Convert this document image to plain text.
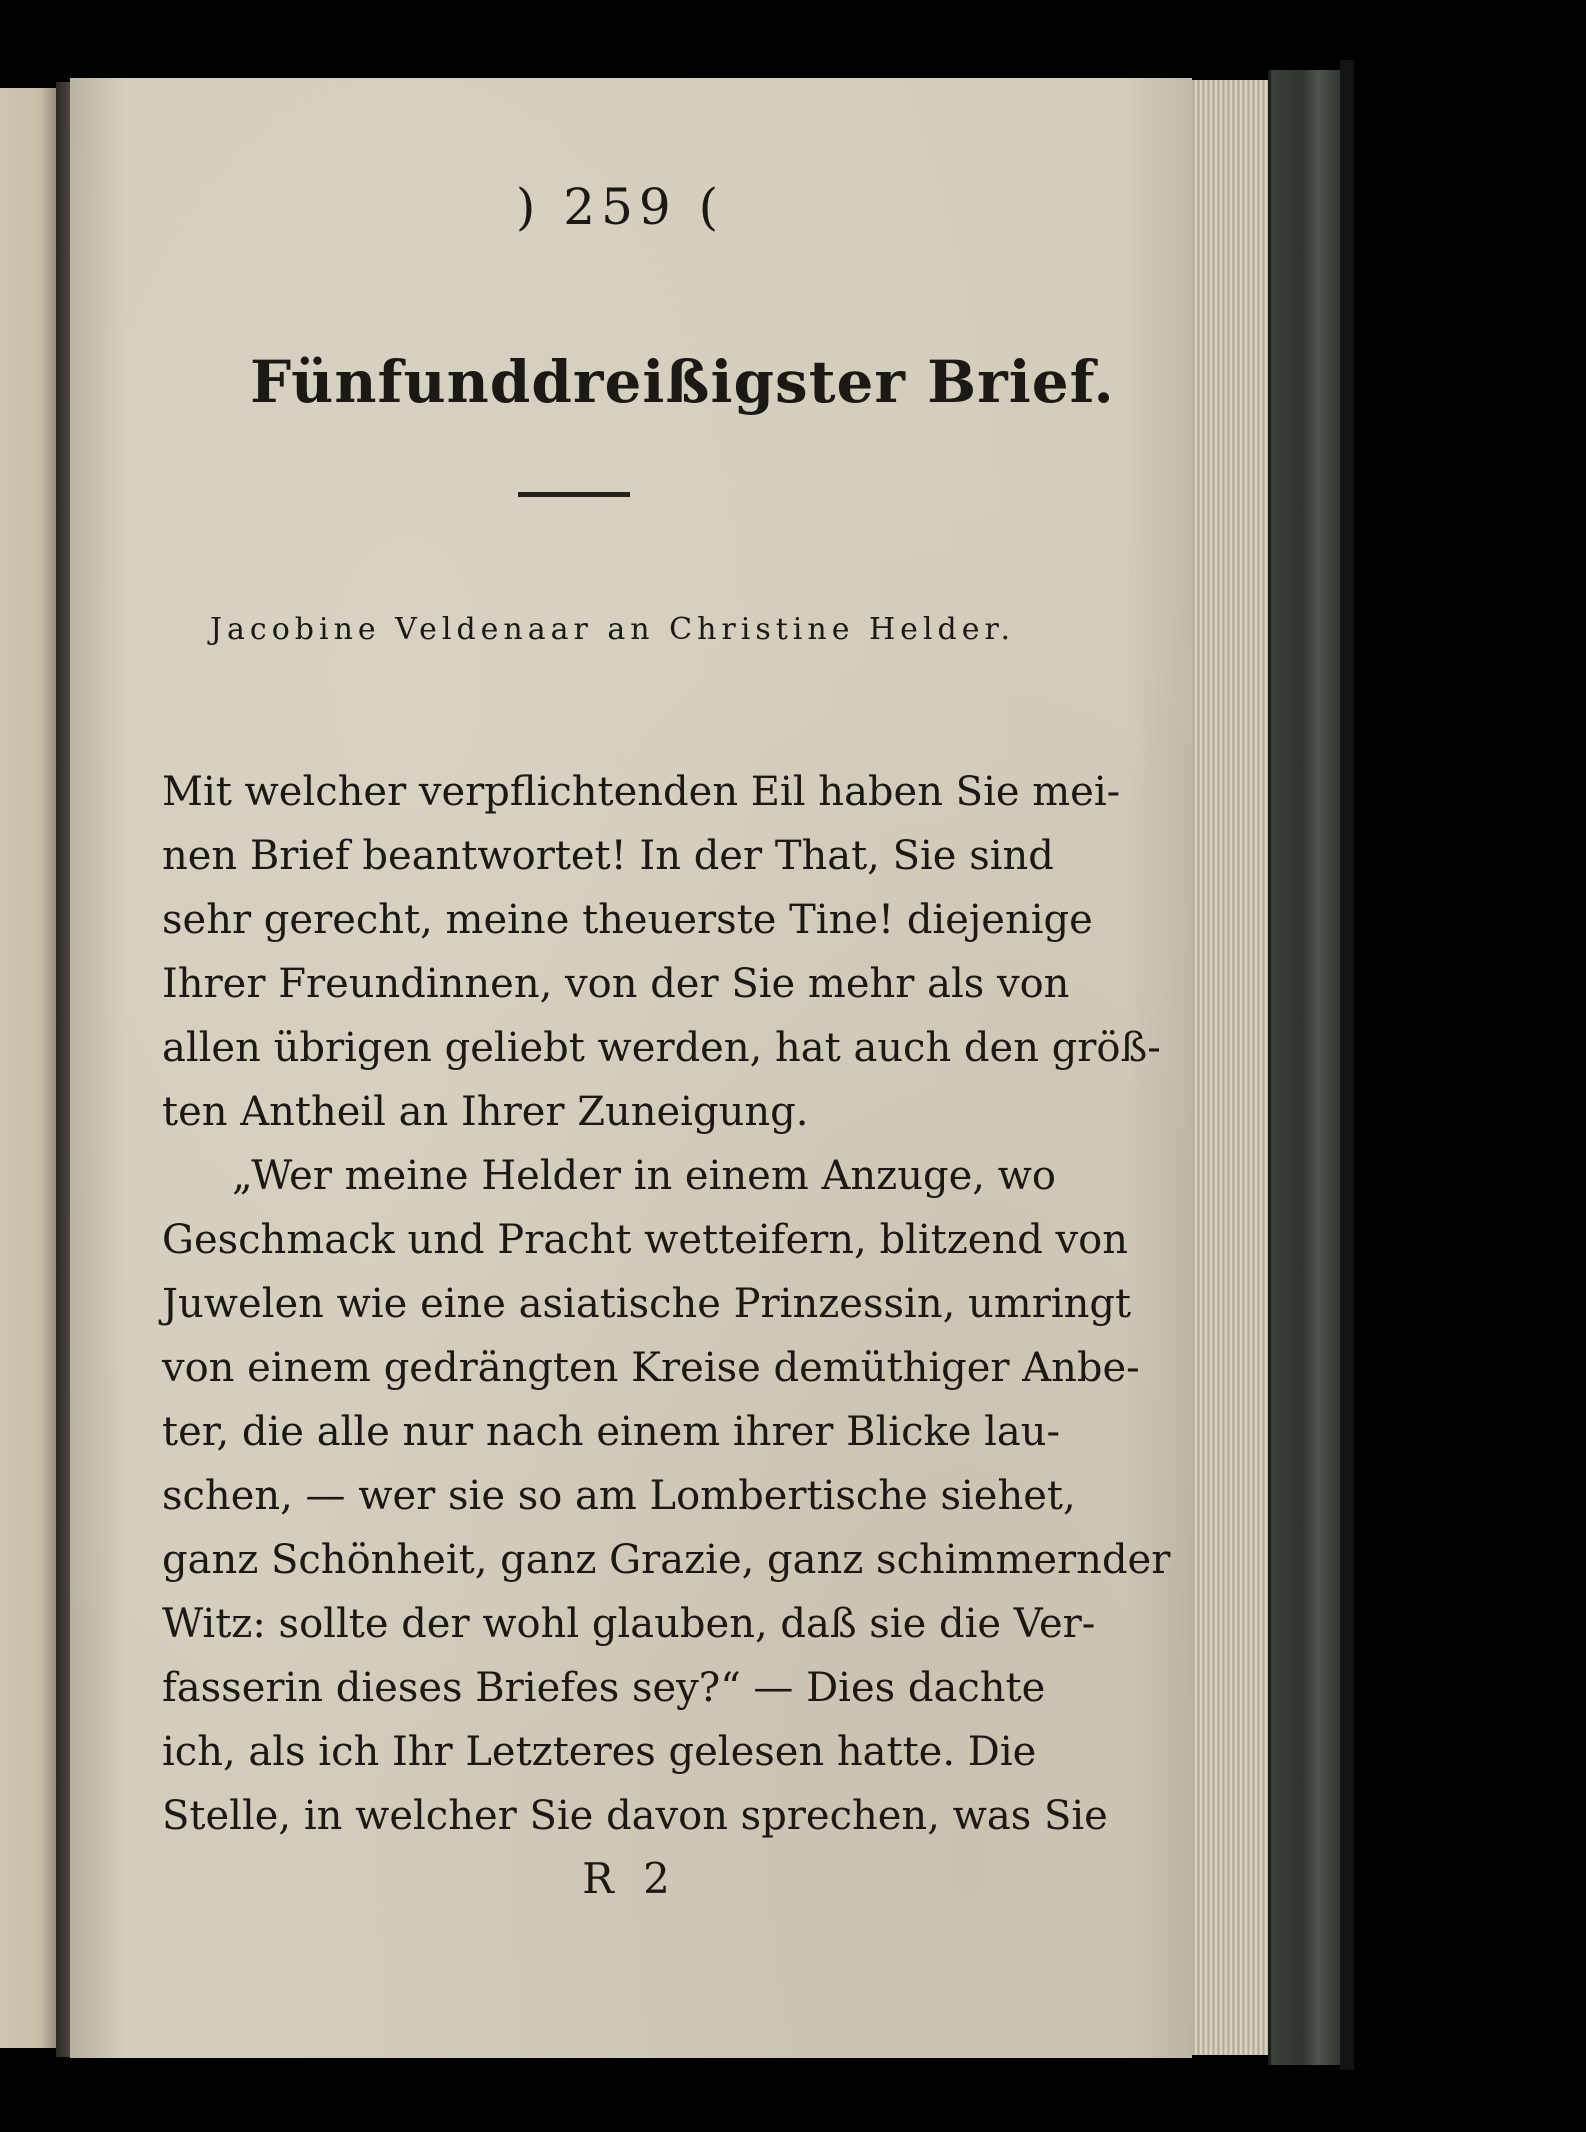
) 259 (
Fünfunddreißigster Brief.
Jacobine Veldenaar an Christine Helder.
Mit welcher verpflichtenden Eil haben Sie mei-
nen Brief beantwortet! In der That, Sie sind
sehr gerecht, meine theuerste Tine! diejenige
Ihrer Freundinnen, von der Sie mehr als von
allen übrigen geliebt werden, hat auch den größ-
ten Antheil an Ihrer Zuneigung.
„Wer meine Helder in einem Anzuge, wo
Geschmack und Pracht wetteifern, blitzend von
Juwelen wie eine asiatische Prinzessin, umringt
von einem gedrängten Kreise demüthiger Anbe-
ter, die alle nur nach einem ihrer Blicke lau-
schen, — wer sie so am Lombertische siehet,
ganz Schönheit, ganz Grazie, ganz schimmernder
Witz: sollte der wohl glauben, daß sie die Ver-
fasserin dieses Briefes sey?“ — Dies dachte
ich, als ich Ihr Letzteres gelesen hatte. Die
Stelle, in welcher Sie davon sprechen, was Sie
R 2
